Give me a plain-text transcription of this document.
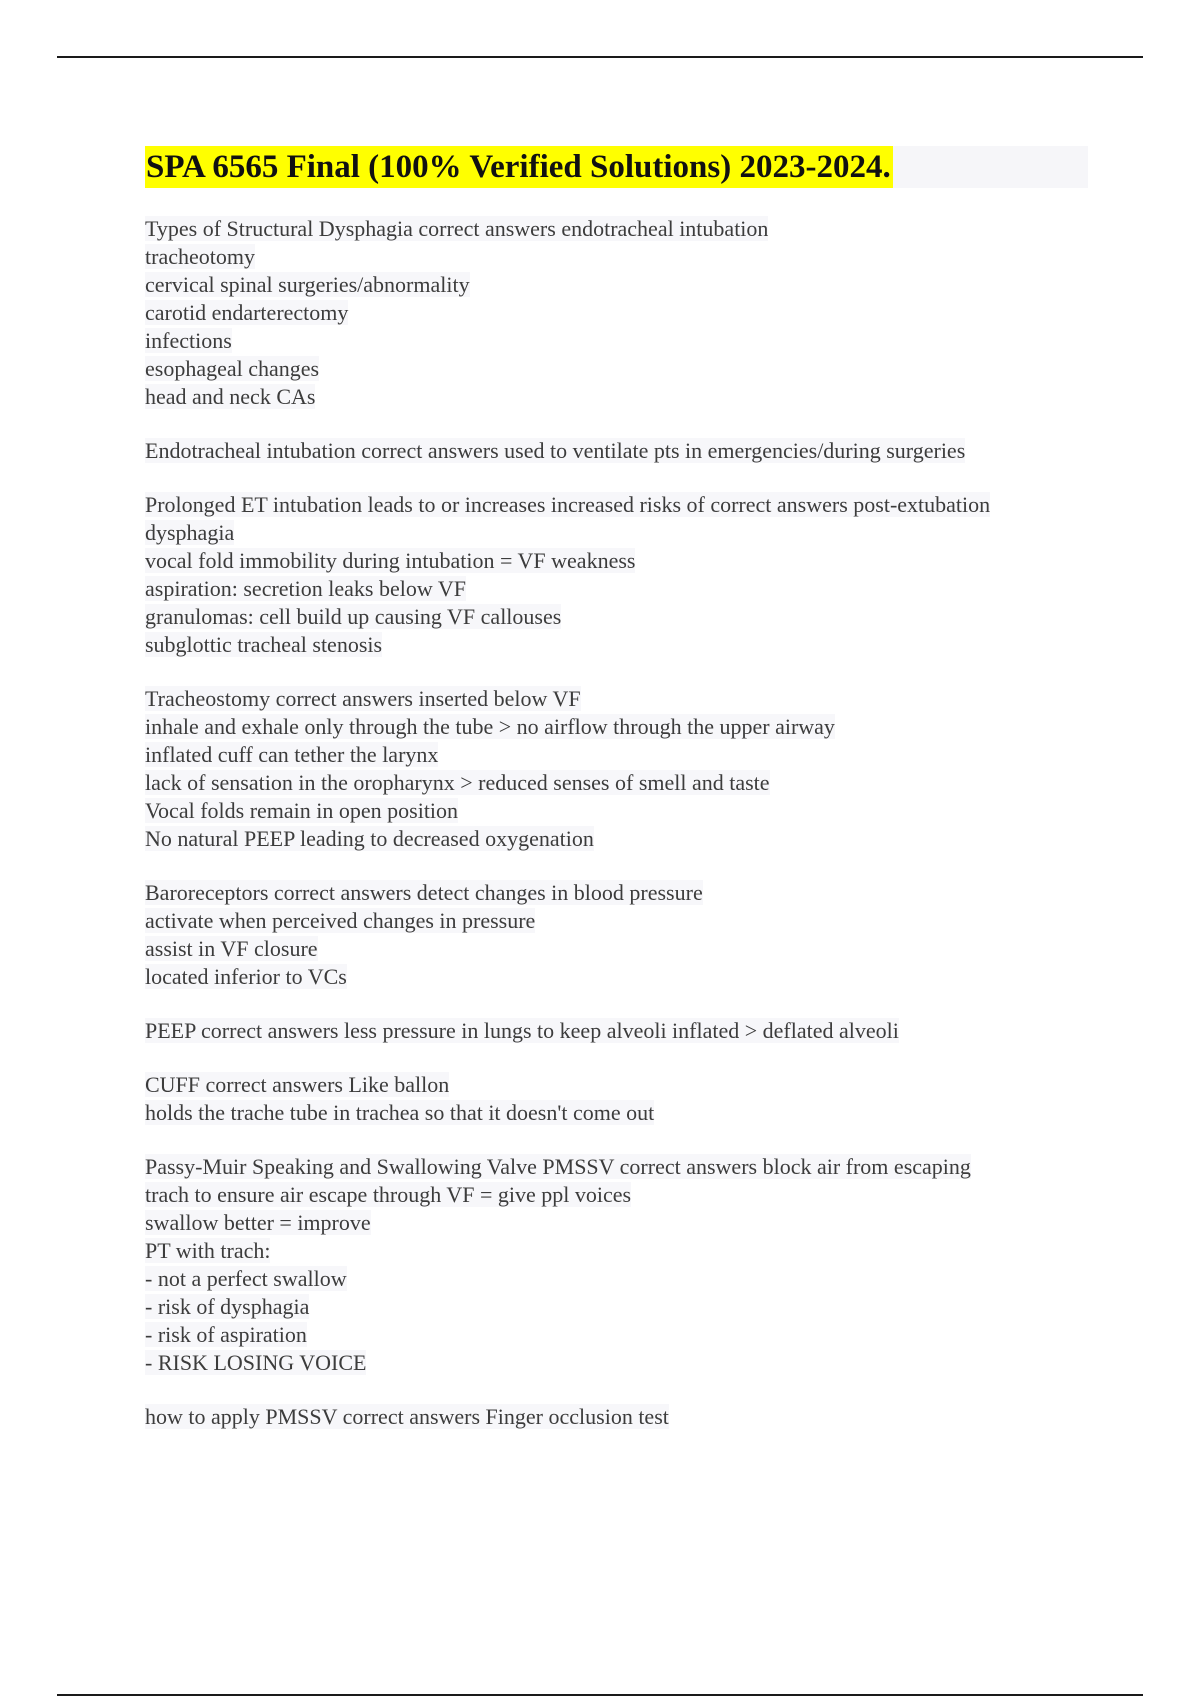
SPA 6565 Final (100% Verified Solutions) 2023-2024.
Types of Structural Dysphagia correct answers endotracheal intubation
tracheotomy
cervical spinal surgeries/abnormality
carotid endarterectomy
infections
esophageal changes
head and neck CAs
Endotracheal intubation correct answers used to ventilate pts in emergencies/during surgeries
Prolonged ET intubation leads to or increases increased risks of correct answers post-extubation
dysphagia
vocal fold immobility during intubation = VF weakness
aspiration: secretion leaks below VF
granulomas: cell build up causing VF callouses
subglottic tracheal stenosis
Tracheostomy correct answers inserted below VF
inhale and exhale only through the tube > no airflow through the upper airway
inflated cuff can tether the larynx
lack of sensation in the oropharynx > reduced senses of smell and taste
Vocal folds remain in open position
No natural PEEP leading to decreased oxygenation
Baroreceptors correct answers detect changes in blood pressure
activate when perceived changes in pressure
assist in VF closure
located inferior to VCs
PEEP correct answers less pressure in lungs to keep alveoli inflated > deflated alveoli
CUFF correct answers Like ballon
holds the trache tube in trachea so that it doesn't come out
Passy-Muir Speaking and Swallowing Valve PMSSV correct answers block air from escaping
trach to ensure air escape through VF = give ppl voices
swallow better = improve
PT with trach:
- not a perfect swallow
- risk of dysphagia
- risk of aspiration
- RISK LOSING VOICE
how to apply PMSSV correct answers Finger occlusion test
